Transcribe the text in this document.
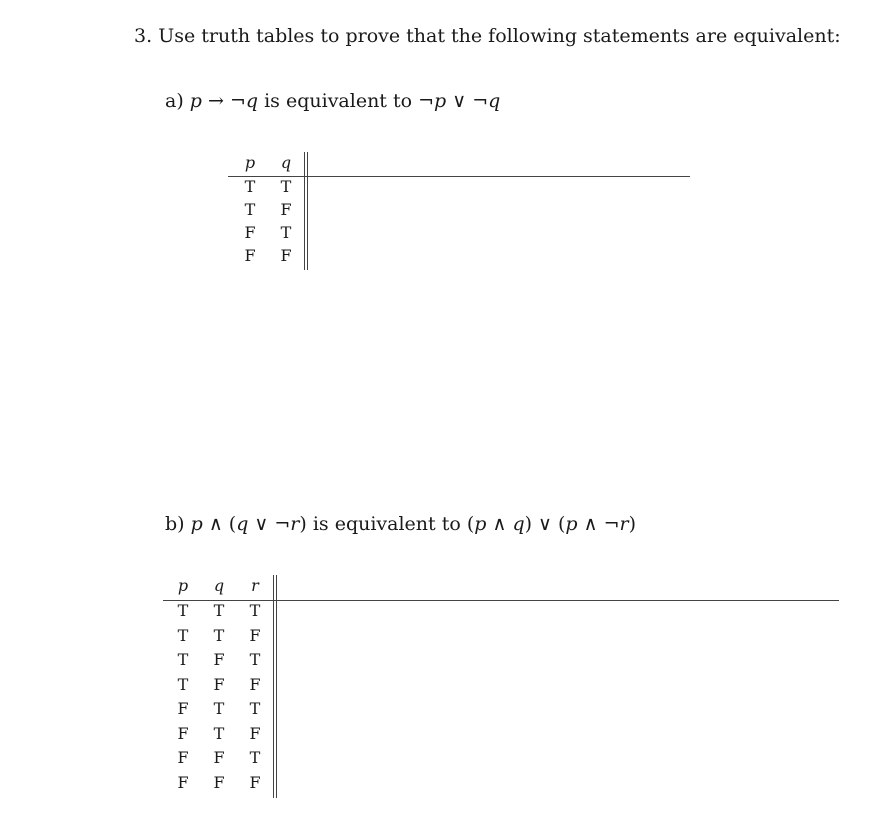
3. Use truth tables to prove that the following statements are equivalent:
a) p → ¬q is equivalent to ¬p ∨ ¬q
p	q
T	T
T	F
F	T
F	F
b) p ∧ (q ∨ ¬r) is equivalent to (p ∧ q) ∨ (p ∧ ¬r)
p	q	r
T	T	T
T	T	F
T	F	T
T	F	F
F	T	T
F	T	F
F	F	T
F	F	F
